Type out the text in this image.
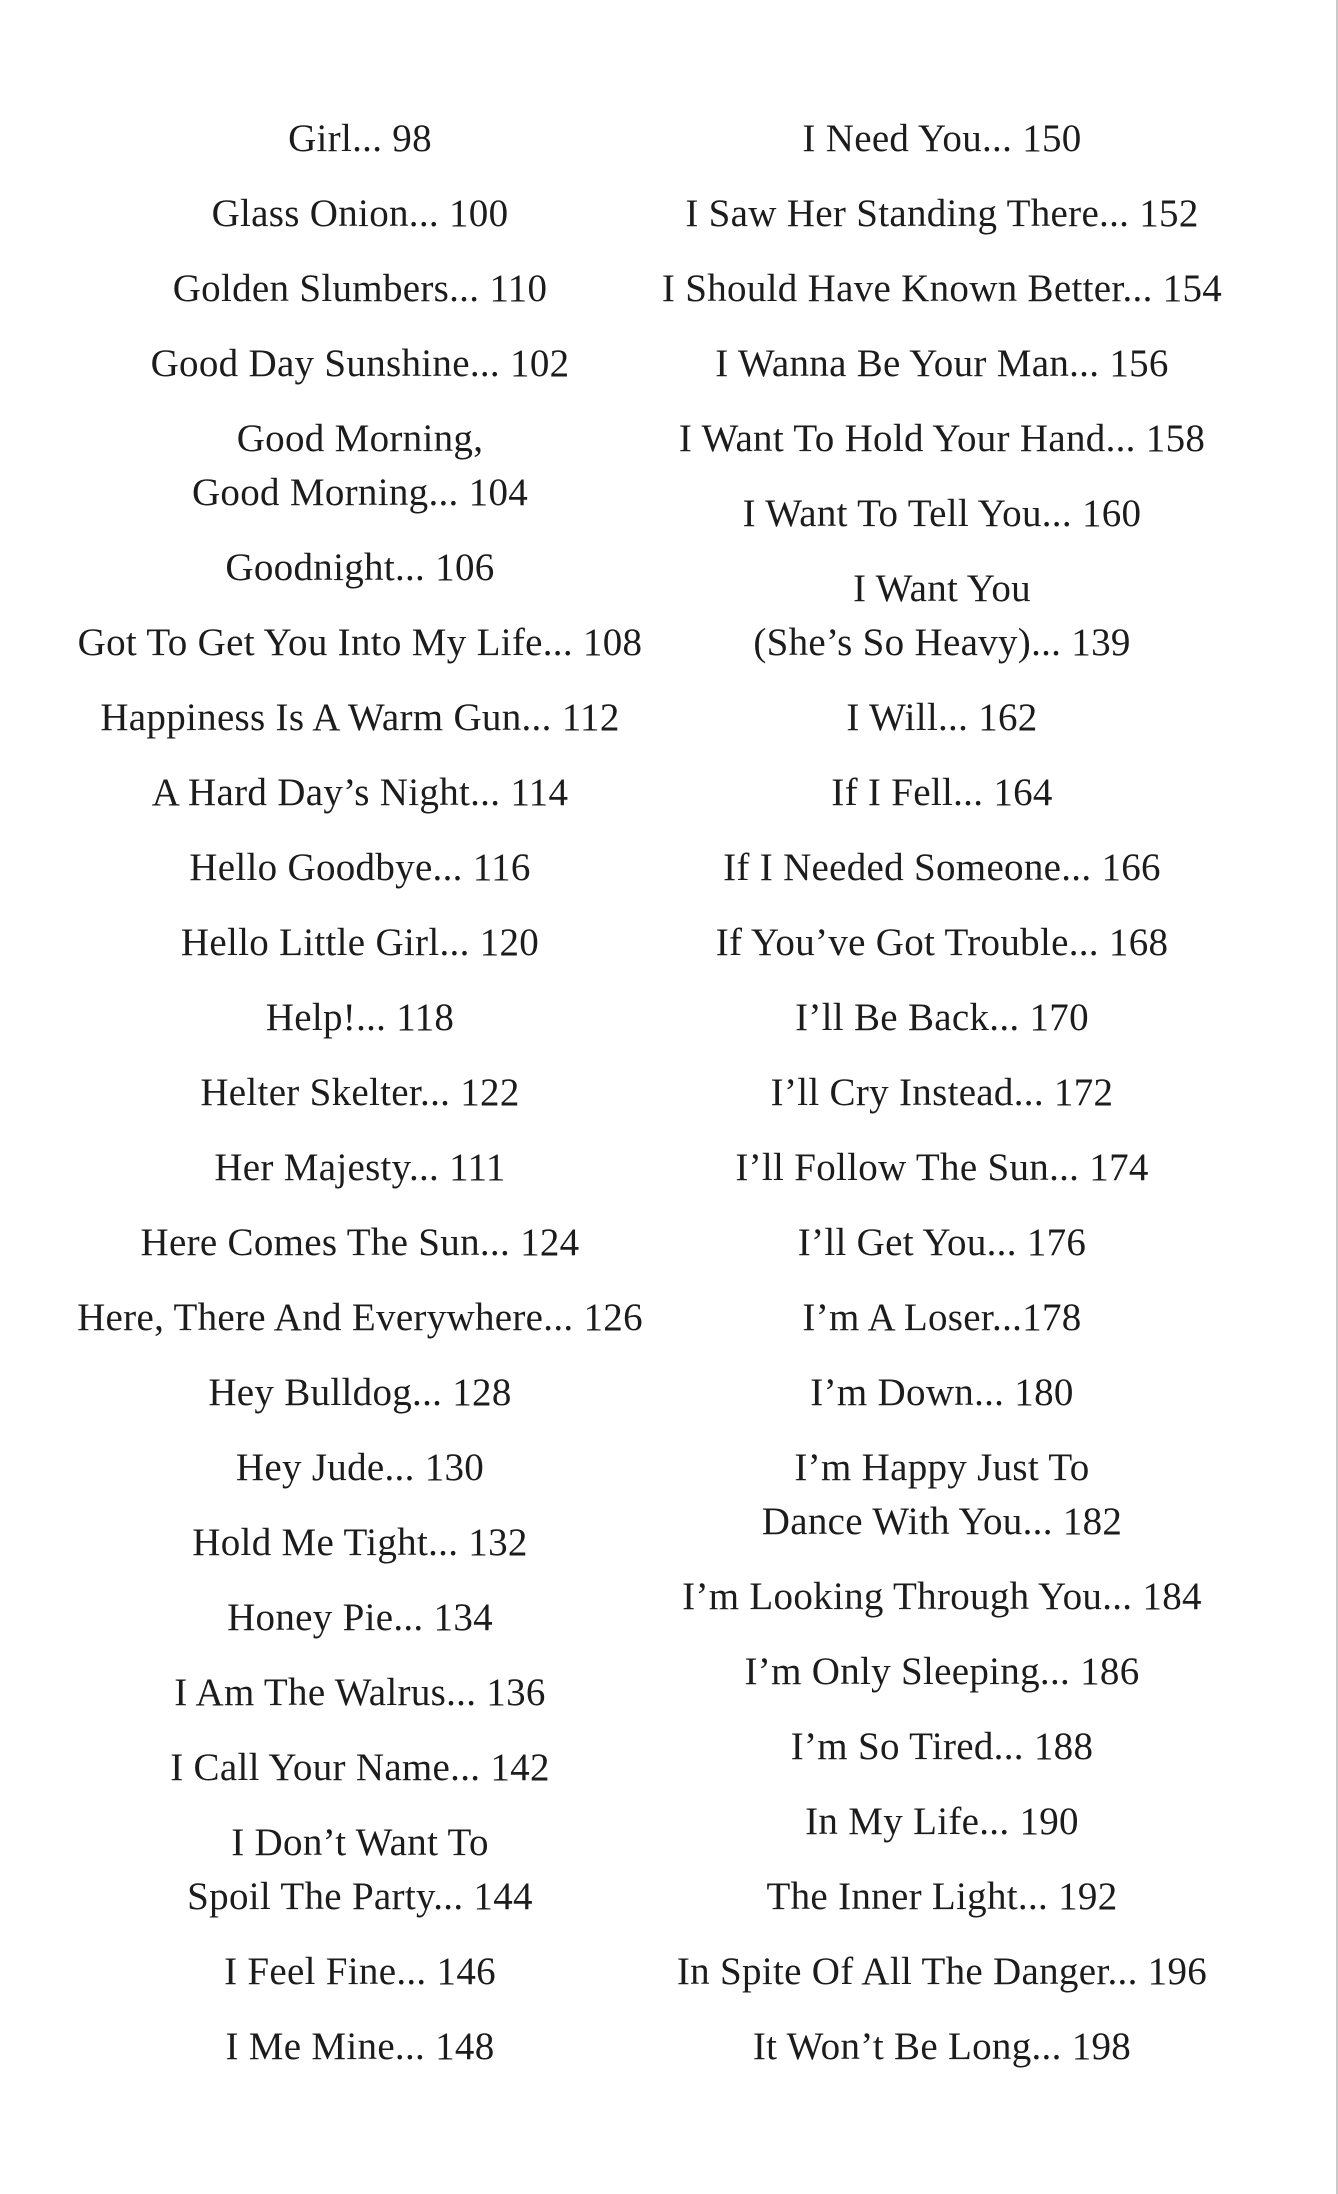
Girl... 98
Glass Onion... 100
Golden Slumbers... 110
Good Day Sunshine... 102
Good Morning,
Good Morning... 104
Goodnight... 106
Got To Get You Into My Life... 108
Happiness Is A Warm Gun... 112
A Hard Day’s Night... 114
Hello Goodbye... 116
Hello Little Girl... 120
Help!... 118
Helter Skelter... 122
Her Majesty... 111
Here Comes The Sun... 124
Here, There And Everywhere... 126
Hey Bulldog... 128
Hey Jude... 130
Hold Me Tight... 132
Honey Pie... 134
I Am The Walrus... 136
I Call Your Name... 142
I Don’t Want To
Spoil The Party... 144
I Feel Fine... 146
I Me Mine... 148
I Need You... 150
I Saw Her Standing There... 152
I Should Have Known Better... 154
I Wanna Be Your Man... 156
I Want To Hold Your Hand... 158
I Want To Tell You... 160
I Want You
(She’s So Heavy)... 139
I Will... 162
If I Fell... 164
If I Needed Someone... 166
If You’ve Got Trouble... 168
I’ll Be Back... 170
I’ll Cry Instead... 172
I’ll Follow The Sun... 174
I’ll Get You... 176
I’m A Loser...178
I’m Down... 180
I’m Happy Just To
Dance With You... 182
I’m Looking Through You... 184
I’m Only Sleeping... 186
I’m So Tired... 188
In My Life... 190
The Inner Light... 192
In Spite Of All The Danger... 196
It Won’t Be Long... 198
